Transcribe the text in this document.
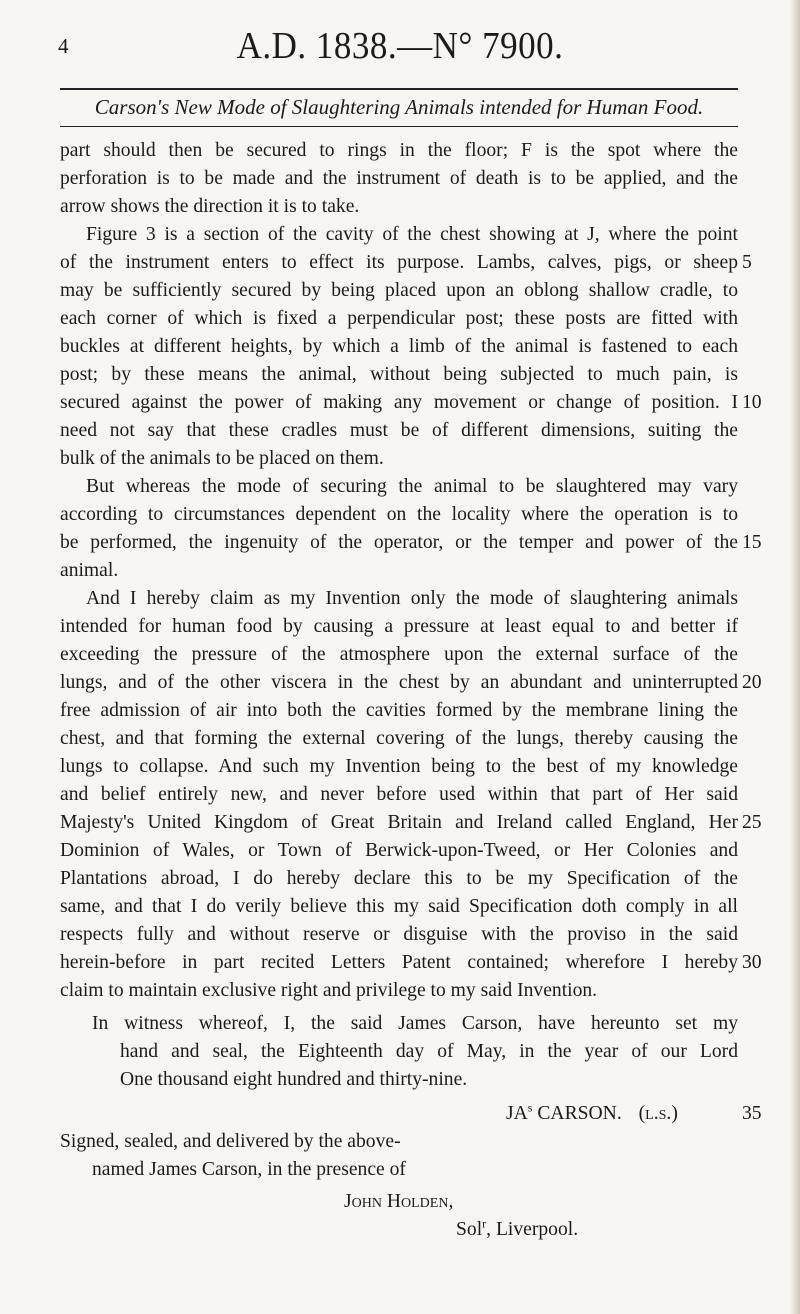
4	A.D. 1838.—N° 7900.
Carson's New Mode of Slaughtering Animals intended for Human Food.
part should then be secured to rings in the floor; F is the spot where the
perforation is to be made and the instrument of death is to be applied, and the
arrow shows the direction it is to take.
Figure 3 is a section of the cavity of the chest showing at J, where the point
of the instrument enters to effect its purpose. Lambs, calves, pigs, or sheep
may be sufficiently secured by being placed upon an oblong shallow cradle, to
each corner of which is fixed a perpendicular post; these posts are fitted with
buckles at different heights, by which a limb of the animal is fastened to each
post; by these means the animal, without being subjected to much pain, is
secured against the power of making any movement or change of position. I
need not say that these cradles must be of different dimensions, suiting the
bulk of the animals to be placed on them.
But whereas the mode of securing the animal to be slaughtered may vary
according to circumstances dependent on the locality where the operation is to
be performed, the ingenuity of the operator, or the temper and power of the
animal.
And I hereby claim as my Invention only the mode of slaughtering animals
intended for human food by causing a pressure at least equal to and better if
exceeding the pressure of the atmosphere upon the external surface of the
lungs, and of the other viscera in the chest by an abundant and uninterrupted
free admission of air into both the cavities formed by the membrane lining the
chest, and that forming the external covering of the lungs, thereby causing the
lungs to collapse. And such my Invention being to the best of my knowledge
and belief entirely new, and never before used within that part of Her said
Majesty's United Kingdom of Great Britain and Ireland called England, Her
Dominion of Wales, or Town of Berwick-upon-Tweed, or Her Colonies and
Plantations abroad, I do hereby declare this to be my Specification of the
same, and that I do verily believe this my said Specification doth comply in all
respects fully and without reserve or disguise with the proviso in the said
herein-before in part recited Letters Patent contained; wherefore I hereby
claim to maintain exclusive right and privilege to my said Invention.
In witness whereof, I, the said James Carson, have hereunto set my
hand and seal, the Eighteenth day of May, in the year of our Lord
One thousand eight hundred and thirty-nine.
$JA^s$ CARSON. (l.s.)
Signed, sealed, and delivered by the above-
named James Carson, in the presence of
John Holden,
Sol$^r$, Liverpool.
5
10
15
20
25
30
35
